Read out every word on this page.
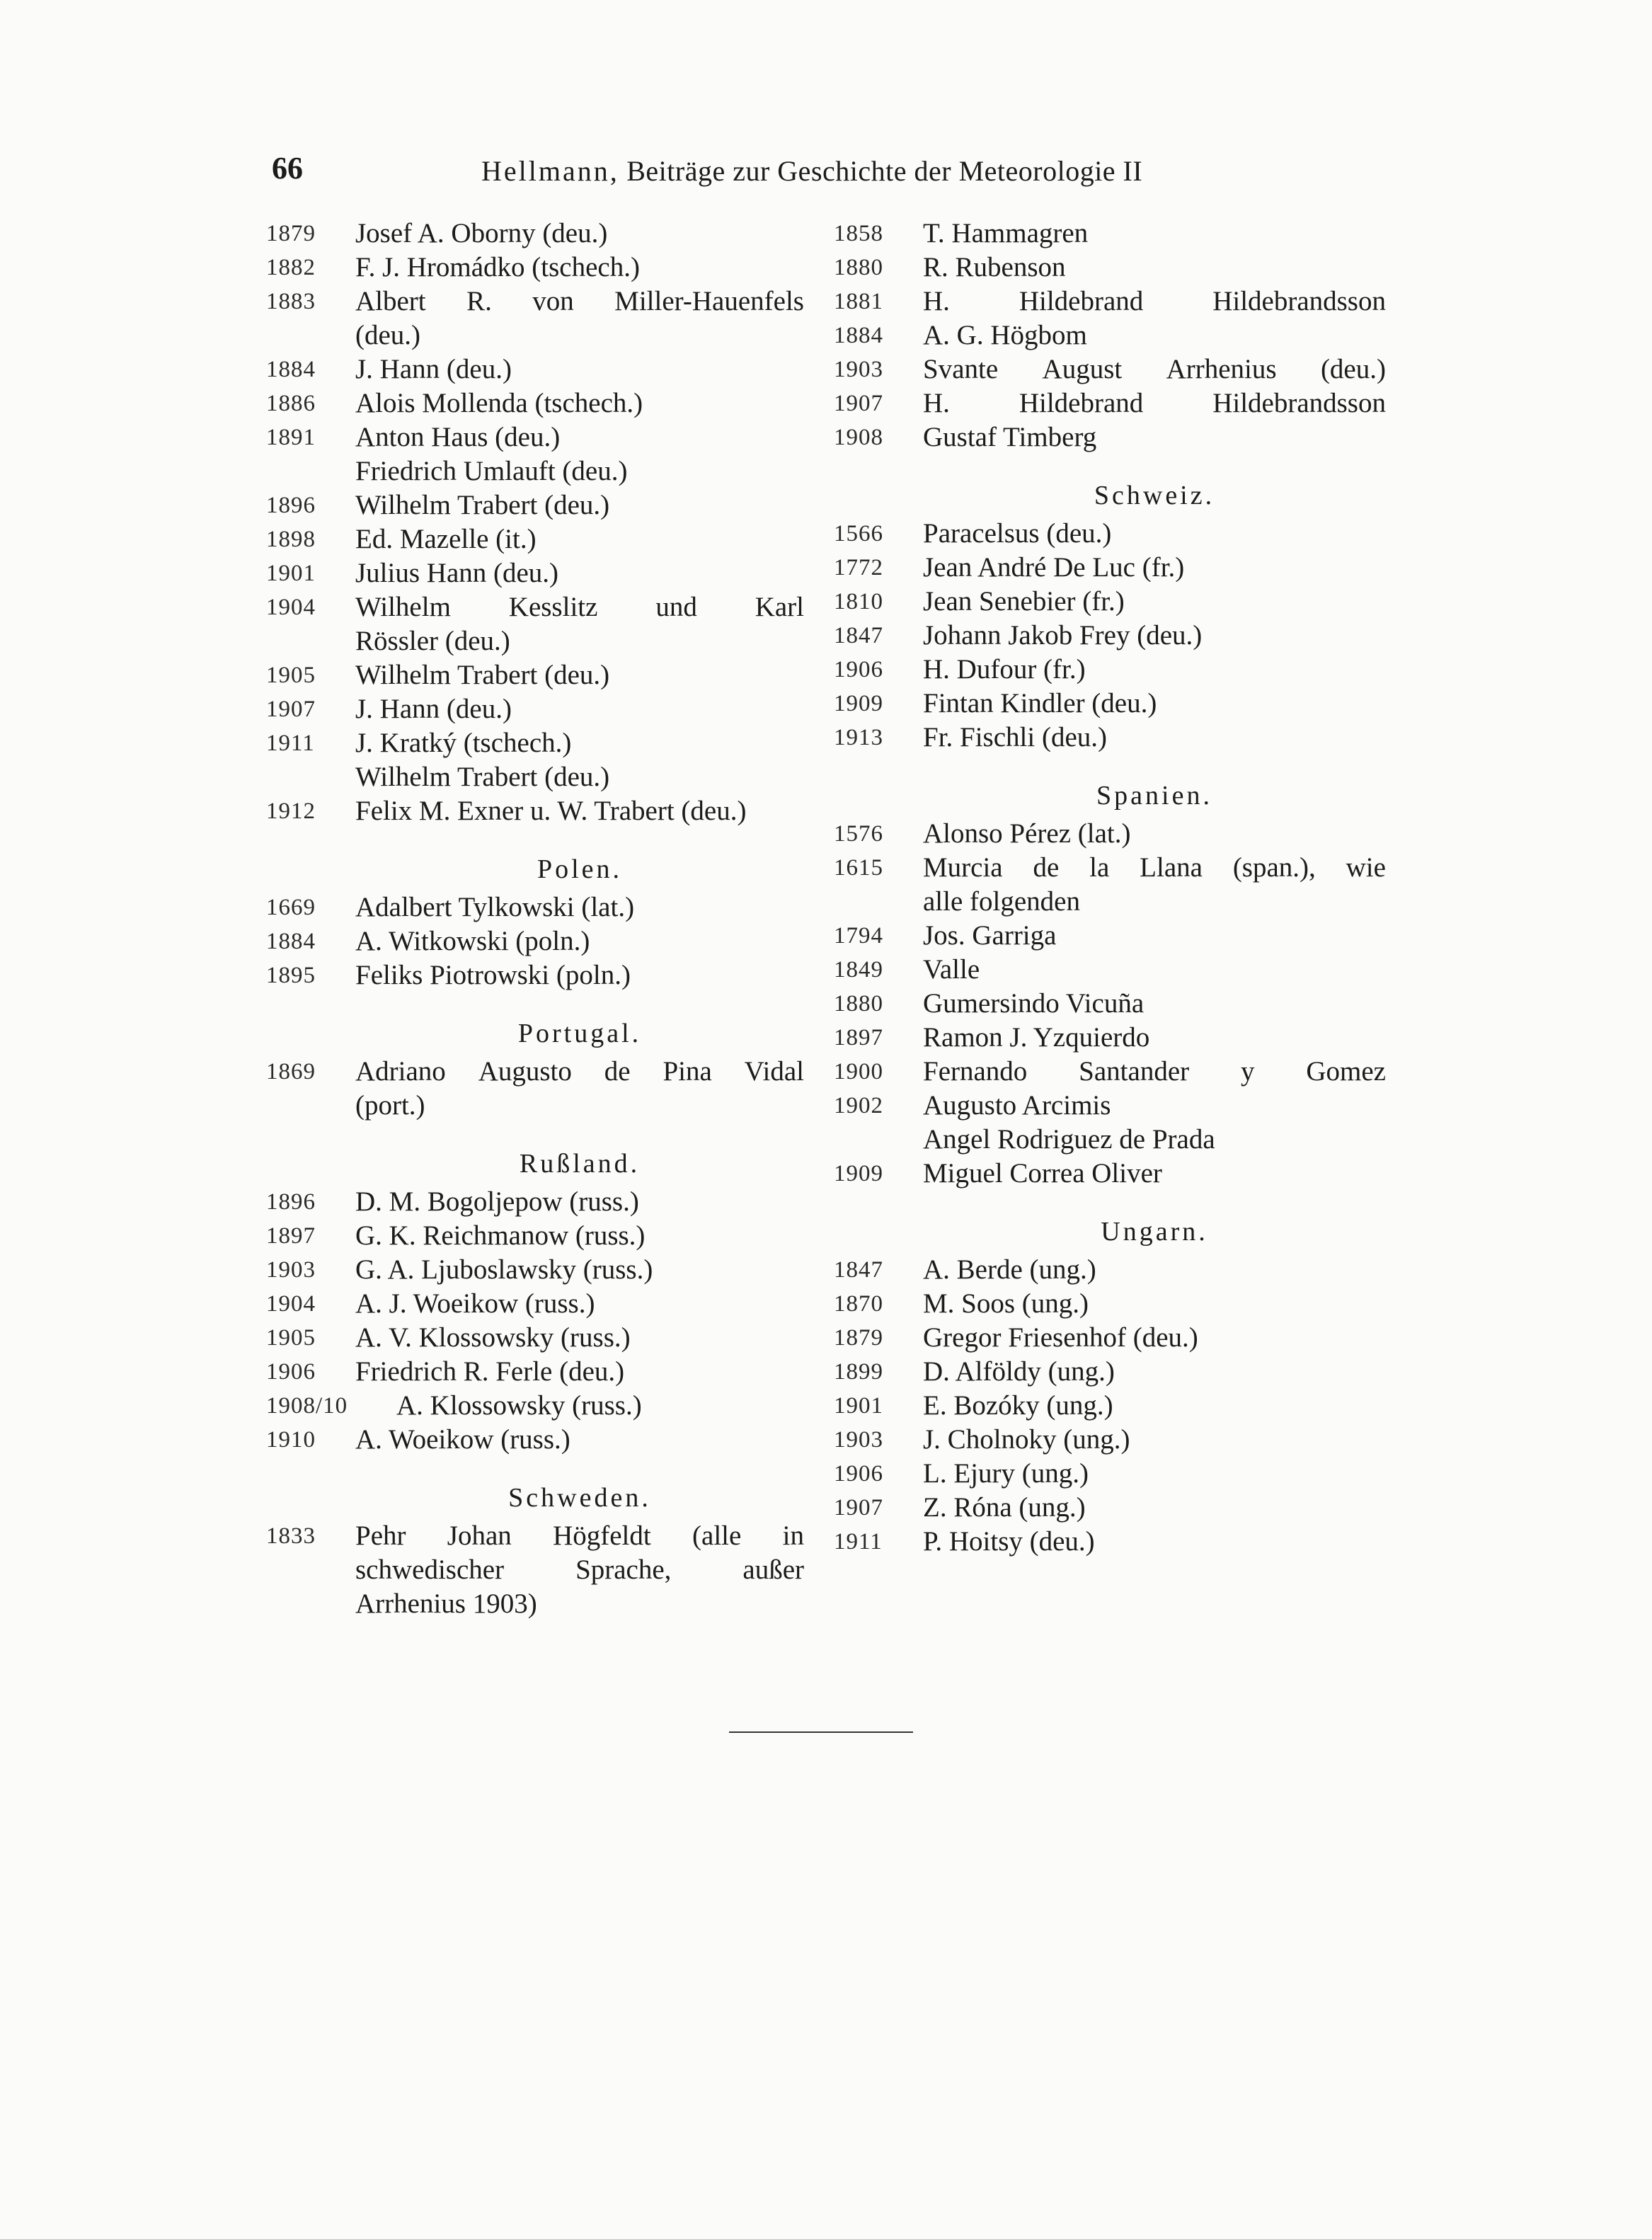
66	Hellmann, Beiträge zur Geschichte der Meteorologie II
1879	Josef A. Oborny (deu.)
1882	F. J. Hromádko (tschech.)
1883	Albert R. von Miller-Hauenfels
(deu.)
1884	J. Hann (deu.)
1886	Alois Mollenda (tschech.)
1891	Anton Haus (deu.)
Friedrich Umlauft (deu.)
1896	Wilhelm Trabert (deu.)
1898	Ed. Mazelle (it.)
1901	Julius Hann (deu.)
1904	Wilhelm Kesslitz und Karl
Rössler (deu.)
1905	Wilhelm Trabert (deu.)
1907	J. Hann (deu.)
1911	J. Kratký (tschech.)
Wilhelm Trabert (deu.)
1912	Felix M. Exner u. W. Trabert (deu.)
Polen.
1669	Adalbert Tylkowski (lat.)
1884	A. Witkowski (poln.)
1895	Feliks Piotrowski (poln.)
Portugal.
1869	Adriano Augusto de Pina Vidal
(port.)
Rußland.
1896	D. M. Bogoljepow (russ.)
1897	G. K. Reichmanow (russ.)
1903	G. A. Ljuboslawsky (russ.)
1904	A. J. Woeikow (russ.)
1905	A. V. Klossowsky (russ.)
1906	Friedrich R. Ferle (deu.)
1908/10	A. Klossowsky (russ.)
1910	A. Woeikow (russ.)
Schweden.
1833	Pehr Johan Högfeldt (alle in
schwedischer	Sprache,	außer
Arrhenius 1903)
1858	T. Hammagren
1880	R. Rubenson
1881	H.	Hildebrand	Hildebrandsson
1884	A. G. Högbom
1903	Svante August Arrhenius (deu.)
1907	H.	Hildebrand	Hildebrandsson
1908	Gustaf Timberg
Schweiz.
1566	Paracelsus (deu.)
1772	Jean André De Luc (fr.)
1810	Jean Senebier (fr.)
1847	Johann Jakob Frey (deu.)
1906	H. Dufour (fr.)
1909	Fintan Kindler (deu.)
1913	Fr. Fischli (deu.)
Spanien.
1576	Alonso Pérez (lat.)
1615	Murcia de la Llana (span.), wie
alle folgenden
1794	Jos. Garriga
1849	Valle
1880	Gumersindo Vicuña
1897	Ramon J. Yzquierdo
1900	Fernando Santander y Gomez
1902	Augusto Arcimis
Angel Rodriguez de Prada
1909	Miguel Correa Oliver
Ungarn.
1847	A. Berde (ung.)
1870	M. Soos (ung.)
1879	Gregor Friesenhof (deu.)
1899	D. Alföldy (ung.)
1901	E. Bozóky (ung.)
1903	J. Cholnoky (ung.)
1906	L. Ejury (ung.)
1907	Z. Róna (ung.)
1911	P. Hoitsy (deu.)
